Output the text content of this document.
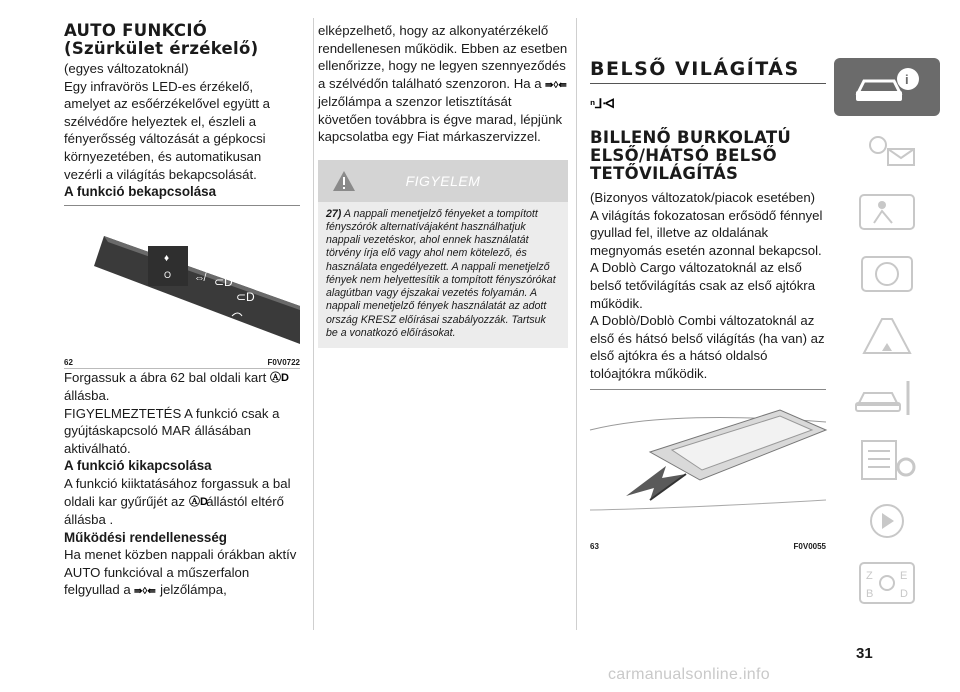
AUTO FUNKCIÓ

(Szürkület érzékelő)

(egyes változatoknál)

Egy infravörös LED-es érzékelő, amelyet az esőérzékelővel együtt a szélvédőre helyeztek el, észleli a fényerősség változását a gépkocsi környezetében, és automatikusan vezérli a világítás bekapcsolását.

A funkció bekapcsolása

♦
O
☼
⇎ ⊂D
⊂D
62	F0V0722

Forgassuk a ábra 62 bal oldali kart ⒶD

állásba.

FIGYELMEZTETÉS A funkció csak a gyújtáskapcsoló MAR állásában aktiválható.

A funkció kikapcsolása

A funkció kiiktatásához forgassuk a bal oldali kar gyűrűjét az ⒶD
állástól eltérő állásba .

Működési rendellenesség

Ha menet közben nappali órákban aktív AUTO funkcióval a műszerfalon felgyullad a ⇛◊⇚ jelzőlámpa,

elképzelhető, hogy az alkonyatérzékelő rendellenesen működik. Ebben az esetben ellenőrizze, hogy ne legyen szennyeződés a szélvédőn található szenzoron. Ha a ⇛◊⇚
jelzőlámpa a szenzor letisztítását követően továbbra is égve marad, lépjünk kapcsolatba egy Fiat márkaszervizzel.

FIGYELEM
27) A nappali menetjelző fényeket a tompított fényszórók alternatívájaként használhatjuk nappali vezetéskor, ahol ennek használatát törvény írja elő vagy ahol nem kötelező, és használata engedélyezett. A nappali menetjelző fények nem helyettesítik a tompított fényszórókat alagútban vagy éjszakai vezetés folyamán. A nappali menetjelző fények használatát az adott ország KRESZ előírásai szabályozzák. Tartsuk be a vonatkozó előírásokat.
BELSŐ VILÁGÍTÁS
ⁿ⅃ᐗ

BILLENŐ BURKOLATÚ

ELSŐ/HÁTSÓ BELSŐ

TETŐVILÁGÍTÁS

(Bizonyos változatok/piacok esetében)

A világítás fokozatosan erősödő fénnyel gyullad fel, illetve az oldalának megnyomás esetén azonnal bekapcsol.

A Doblò Cargo változatoknál az első belső tetővilágítás csak az első ajtókra működik.

A Doblò/Doblò Combi változatoknál az első és hátsó belső világítás (ha van) az első ajtókra és a hátsó oldalsó tolóajtókra működik.

63	F0V0055
i
Z E
B D
31
carmanualsonline.info
